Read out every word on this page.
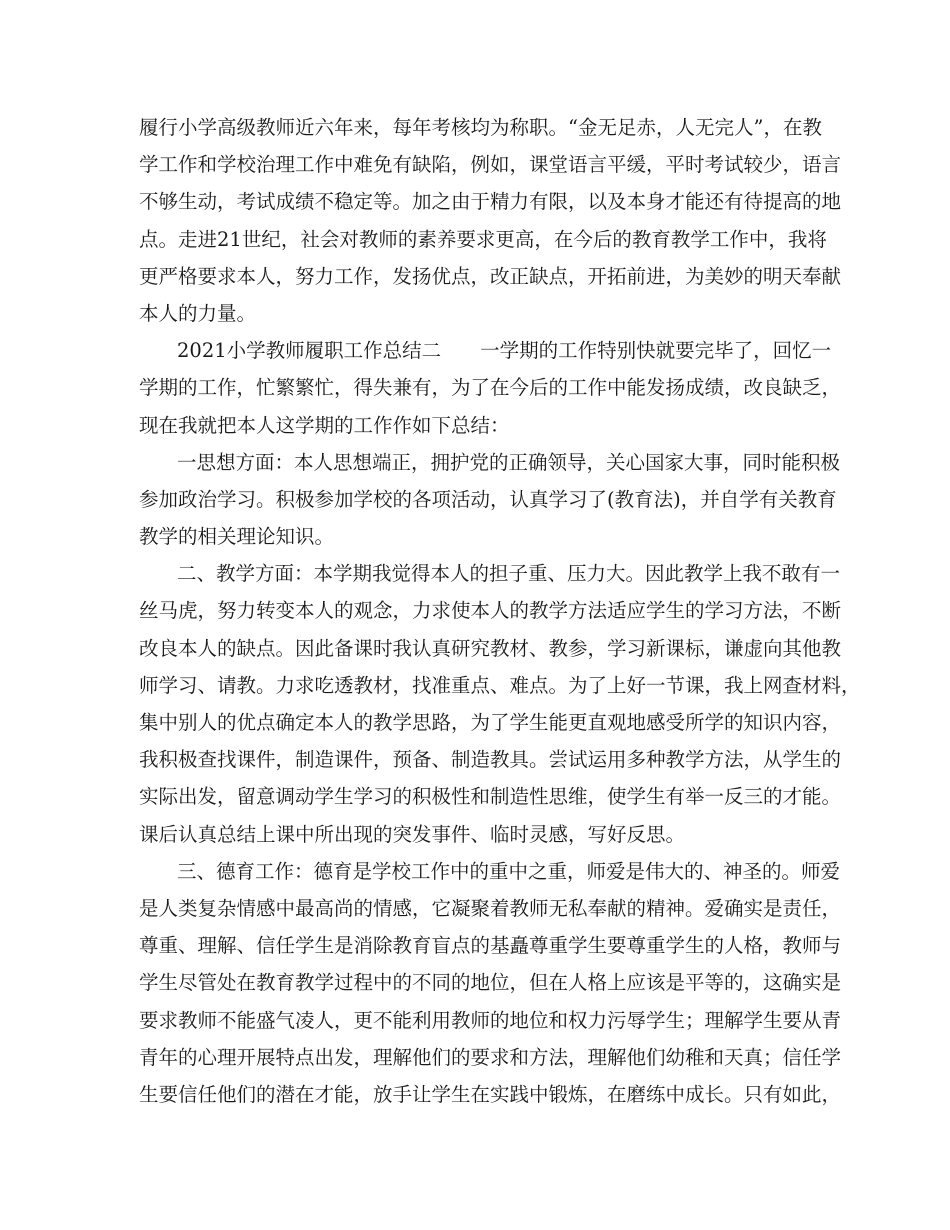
履行小学高级教师近六年来，每年考核均为称职。“金无足赤，人无完人”，在教
学工作和学校治理工作中难免有缺陷，例如，课堂语言平缓，平时考试较少，语言
不够生动，考试成绩不稳定等。加之由于精力有限，以及本身才能还有待提高的地
点。走进21世纪，社会对教师的素养要求更高，在今后的教育教学工作中，我将
更严格要求本人，努力工作，发扬优点，改正缺点，开拓前进，为美妙的明天奉献
本人的力量。
2021小学教师履职工作总结二　　一学期的工作特别快就要完毕了，回忆一
学期的工作，忙繁繁忙，得失兼有，为了在今后的工作中能发扬成绩，改良缺乏，
现在我就把本人这学期的工作作如下总结：
一思想方面：本人思想端正，拥护党的正确领导，关心国家大事，同时能积极
参加政治学习。积极参加学校的各项活动，认真学习了(教育法)，并自学有关教育
教学的相关理论知识。
二、教学方面：本学期我觉得本人的担子重、压力大。因此教学上我不敢有一
丝马虎，努力转变本人的观念，力求使本人的教学方法适应学生的学习方法，不断
改良本人的缺点。因此备课时我认真研究教材、教参，学习新课标，谦虚向其他教
师学习、请教。力求吃透教材，找准重点、难点。为了上好一节课，我上网查材料，
集中别人的优点确定本人的教学思路，为了学生能更直观地感受所学的知识内容，
我积极查找课件，制造课件，预备、制造教具。尝试运用多种教学方法，从学生的
实际出发，留意调动学生学习的积极性和制造性思维，使学生有举一反三的才能。
课后认真总结上课中所出现的突发事件、临时灵感，写好反思。
三、德育工作：德育是学校工作中的重中之重，师爱是伟大的、神圣的。师爱
是人类复杂情感中最高尚的情感，它凝聚着教师无私奉献的精神。爱确实是责任，
尊重、理解、信任学生是消除教育盲点的基矗尊重学生要尊重学生的人格，教师与
学生尽管处在教育教学过程中的不同的地位，但在人格上应该是平等的，这确实是
要求教师不能盛气凌人，更不能利用教师的地位和权力污辱学生；理解学生要从青
青年的心理开展特点出发，理解他们的要求和方法，理解他们幼稚和天真；信任学
生要信任他们的潜在才能，放手让学生在实践中锻炼，在磨练中成长。只有如此，
